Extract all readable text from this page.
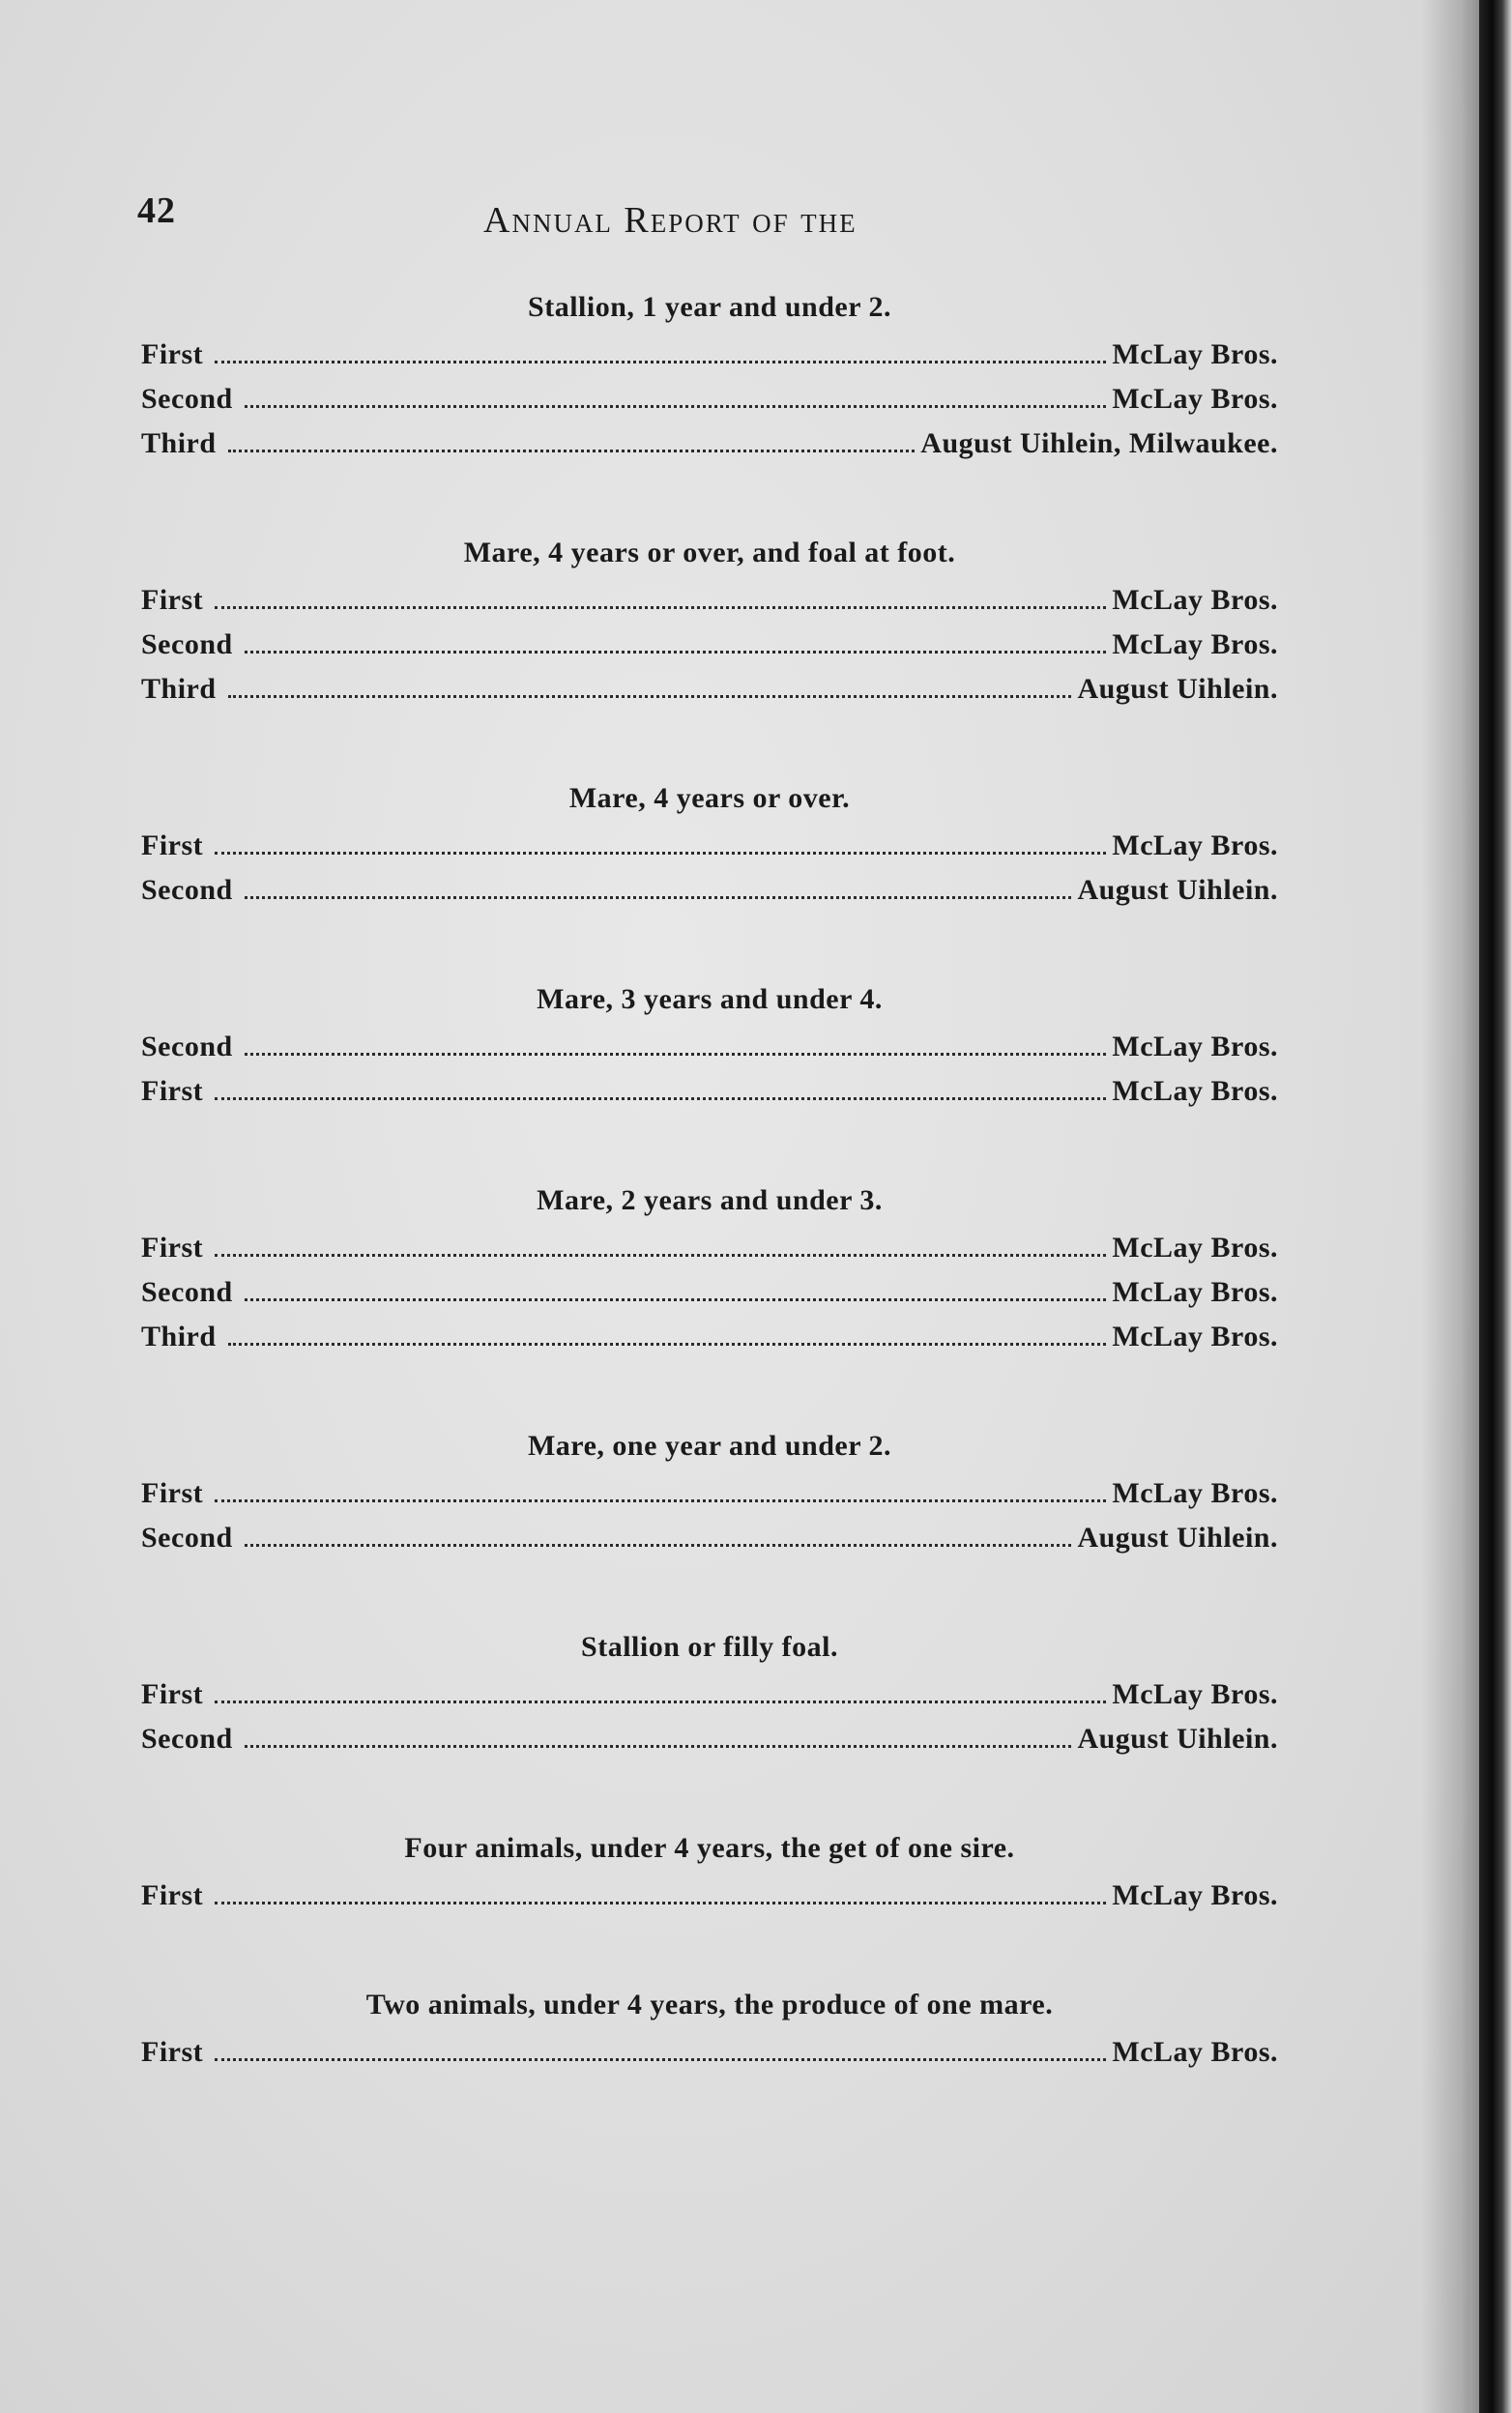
42	Annual Report of the
Stallion, 1 year and under 2.
First	McLay Bros.
Second	McLay Bros.
Third	August Uihlein, Milwaukee.
Mare, 4 years or over, and foal at foot.
First	McLay Bros.
Second	McLay Bros.
Third	August Uihlein.
Mare, 4 years or over.
First	McLay Bros.
Second	August Uihlein.
Mare, 3 years and under 4.
Second	McLay Bros.
First	McLay Bros.
Mare, 2 years and under 3.
First	McLay Bros.
Second	McLay Bros.
Third	McLay Bros.
Mare, one year and under 2.
First	McLay Bros.
Second	August Uihlein.
Stallion or filly foal.
First	McLay Bros.
Second	August Uihlein.
Four animals, under 4 years, the get of one sire.
First	McLay Bros.
Two animals, under 4 years, the produce of one mare.
First	McLay Bros.
